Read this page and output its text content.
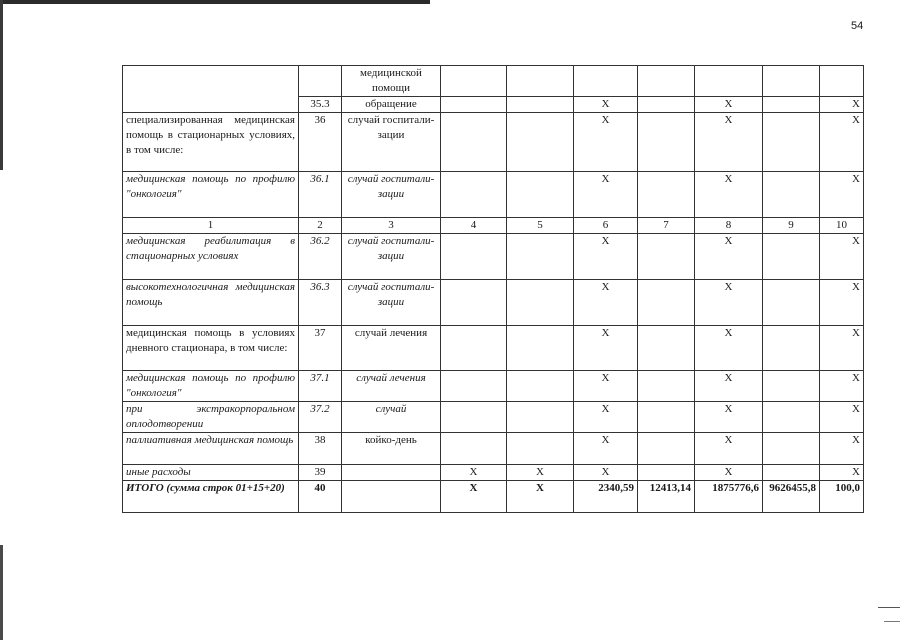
54
		медицинской помощи							
	35.3	обращение			X		X		X
специализированная медицинская помощь в стационарных условиях, в том числе:	36	случай госпитали-зации			X		X		X
медицинская помощь по профилю "онкология"	36.1	случай госпитали-зации			X		X		X
1	2	3	4	5	6	7	8	9	10
медицинская реабилитация в стационарных условиях	36.2	случай госпитали-зации			X		X		X
высокотехнологичная медицинская помощь	36.3	случай госпитали-зации			X		X		X
медицинская помощь в условиях дневного стационара, в том числе:	37	случай лечения			X		X		X
медицинская помощь по профилю "онкология"	37.1	случай лечения			X		X		X
при экстракорпоральном оплодотворении	37.2	случай			X		X		X
паллиативная медицинская помощь	38	койко-день			X		X		X
иные расходы	39		X	X	X		X		X
ИТОГО (сумма строк 01+15+20)	40		X	X	2340,59	12413,14	1875776,6	9626455,8	100,0
